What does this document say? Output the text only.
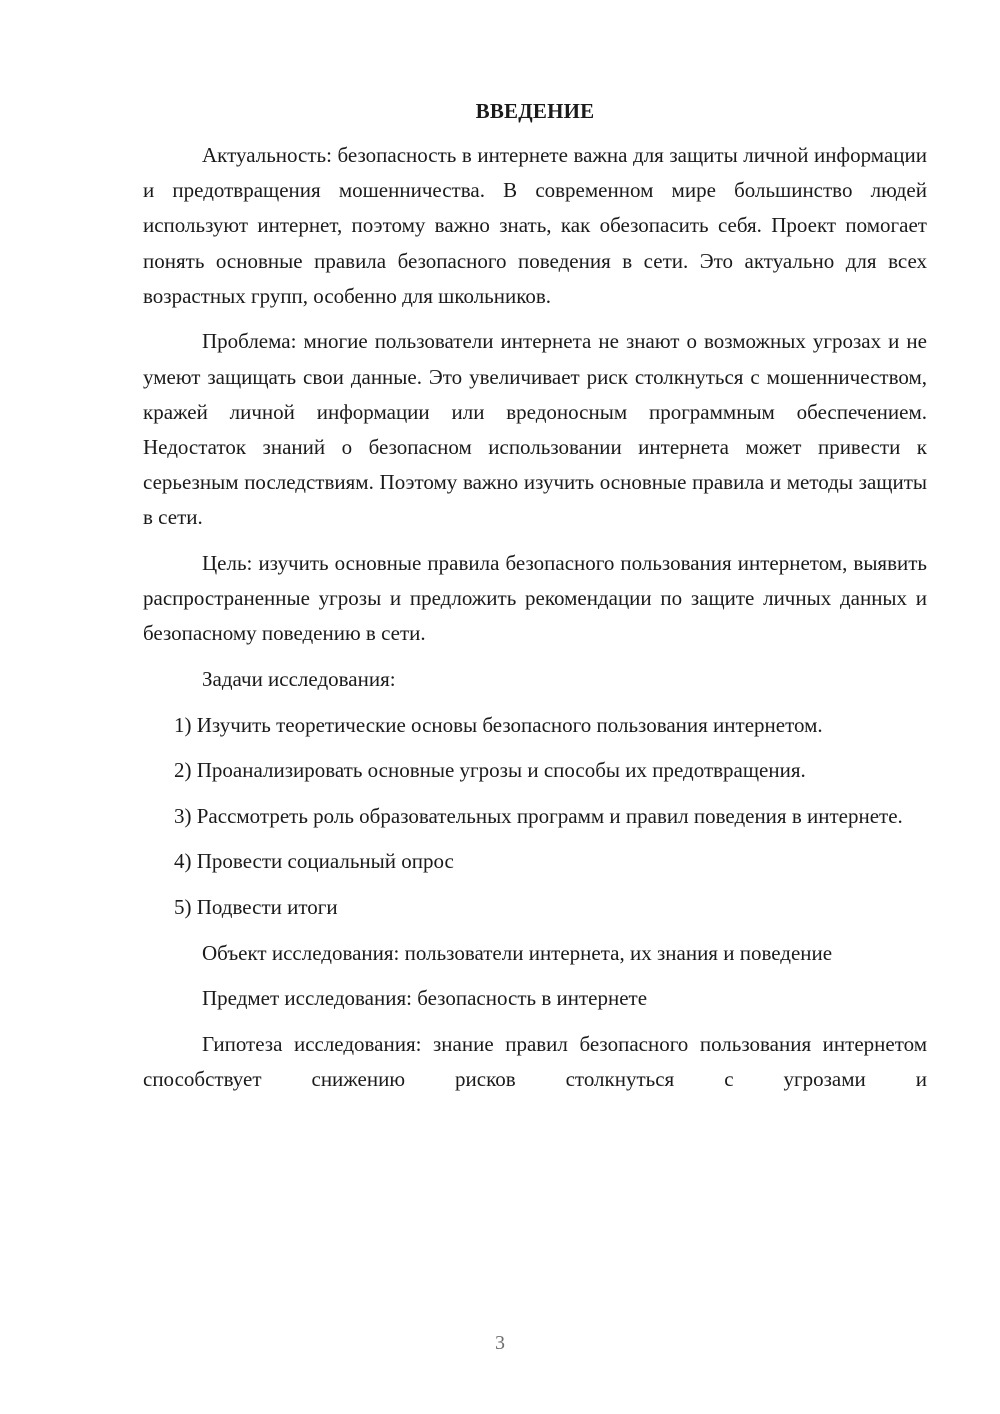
ВВЕДЕНИЕ

Актуальность: безопасность в интернете важна для защиты личной информации и предотвращения мошенничества. В современном мире большинство людей используют интернет, поэтому важно знать, как обезопасить себя. Проект помогает понять основные правила безопасного поведения в сети. Это актуально для всех возрастных групп, особенно для школьников.

Проблема: многие пользователи интернета не знают о возможных угрозах и не умеют защищать свои данные. Это увеличивает риск столкнуться с мошенничеством, кражей личной информации или вредоносным программным обеспечением. Недостаток знаний о безопасном использовании интернета может привести к серьезным последствиям. Поэтому важно изучить основные правила и методы защиты в сети.

Цель: изучить основные правила безопасного пользования интернетом, выявить распространенные угрозы и предложить рекомендации по защите личных данных и безопасному поведению в сети.

Задачи исследования:

1) Изучить теоретические основы безопасного пользования интернетом.

2) Проанализировать основные угрозы и способы их предотвращения.

3) Рассмотреть роль образовательных программ и правил поведения в интернете.

4) Провести социальный опрос

5) Подвести итоги

Объект исследования: пользователи интернета, их знания и поведение

Предмет исследования: безопасность в интернете

Гипотеза исследования: знание правил безопасного пользования интернетом способствует снижению рисков столкнуться с угрозами и

3
